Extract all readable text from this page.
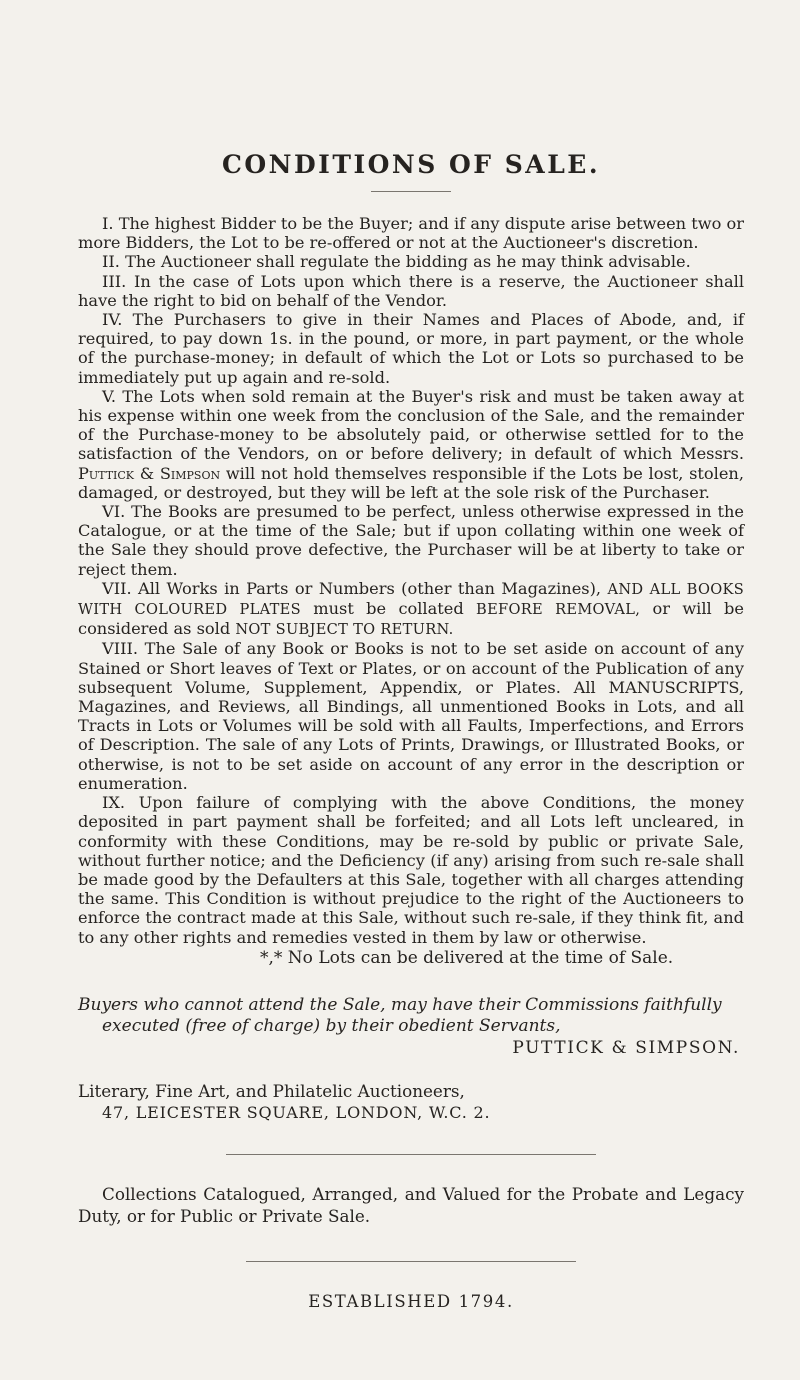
CONDITIONS OF SALE.

I. The highest Bidder to be the Buyer; and if any dispute arise between two or more Bidders, the Lot to be re-offered or not at the Auctioneer's discretion.

II. The Auctioneer shall regulate the bidding as he may think advisable.

III. In the case of Lots upon which there is a reserve, the Auctioneer shall have the right to bid on behalf of the Vendor.

IV. The Purchasers to give in their Names and Places of Abode, and, if required, to pay down 1s. in the pound, or more, in part payment, or the whole of the purchase-money; in default of which the Lot or Lots so purchased to be immediately put up again and re-sold.

V. The Lots when sold remain at the Buyer's risk and must be taken away at his expense within one week from the conclusion of the Sale, and the remainder of the Purchase-money to be absolutely paid, or otherwise settled for to the satisfaction of the Vendors, on or before delivery; in default of which Messrs. Puttick & Simpson will not hold themselves responsible if the Lots be lost, stolen, damaged, or destroyed, but they will be left at the sole risk of the Purchaser.

VI. The Books are presumed to be perfect, unless otherwise expressed in the Catalogue, or at the time of the Sale; but if upon collating within one week of the Sale they should prove defective, the Purchaser will be at liberty to take or reject them.

VII. All Works in Parts or Numbers (other than Magazines), AND ALL BOOKS WITH COLOURED PLATES must be collated BEFORE REMOVAL, or will be considered as sold NOT SUBJECT TO RETURN.

VIII. The Sale of any Book or Books is not to be set aside on account of any Stained or Short leaves of Text or Plates, or on account of the Publication of any subsequent Volume, Supplement, Appendix, or Plates. All MANUSCRIPTS, Magazines, and Reviews, all Bindings, all unmentioned Books in Lots, and all Tracts in Lots or Volumes will be sold with all Faults, Imperfections, and Errors of Description. The sale of any Lots of Prints, Drawings, or Illustrated Books, or otherwise, is not to be set aside on account of any error in the description or enumeration.

IX. Upon failure of complying with the above Conditions, the money deposited in part payment shall be forfeited; and all Lots left uncleared, in conformity with these Conditions, may be re-sold by public or private Sale, without further notice; and the Deficiency (if any) arising from such re-sale shall be made good by the Defaulters at this Sale, together with all charges attending the same. This Condition is without prejudice to the right of the Auctioneers to enforce the contract made at this Sale, without such re-sale, if they think fit, and to any other rights and remedies vested in them by law or otherwise.

*,* No Lots can be delivered at the time of Sale.

Buyers who cannot attend the Sale, may have their Commissions faithfully
executed (free of charge) by their obedient Servants,

PUTTICK & SIMPSON.

Literary, Fine Art, and Philatelic Auctioneers,
47, LEICESTER SQUARE, LONDON, W.C. 2.

Collections Catalogued, Arranged, and Valued for the Probate and Legacy Duty, or for Public or Private Sale.

ESTABLISHED 1794.
